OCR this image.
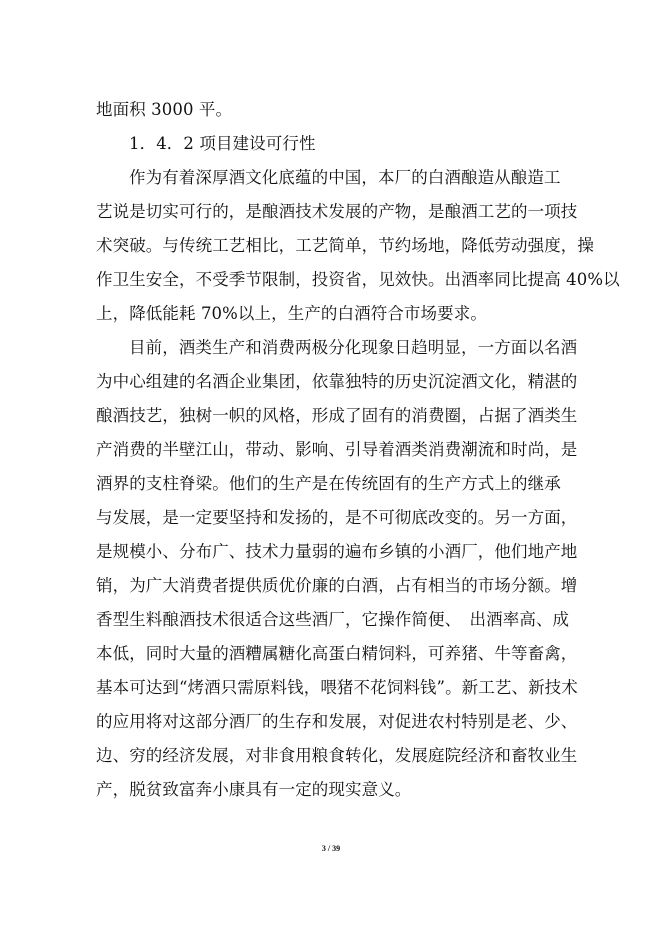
地面积 3000 平。
1．4．2 项目建设可行性
作为有着深厚酒文化底蕴的中国，本厂的白酒酿造从酿造工
艺说是切实可行的，是酿酒技术发展的产物，是酿酒工艺的一项技
术突破。与传统工艺相比，工艺简单，节约场地，降低劳动强度，操
作卫生安全，不受季节限制，投资省，见效快。出酒率同比提高 40%以
上，降低能耗 70%以上，生产的白酒符合市场要求。
目前，酒类生产和消费两极分化现象日趋明显，一方面以名酒
为中心组建的名酒企业集团，依靠独特的历史沉淀酒文化，精湛的
酿酒技艺，独树一帜的风格，形成了固有的消费圈，占据了酒类生
产消费的半壁江山，带动、影响、引导着酒类消费潮流和时尚，是
酒界的支柱脊梁。他们的生产是在传统固有的生产方式上的继承
与发展，是一定要坚持和发扬的，是不可彻底改变的。另一方面，
是规模小、分布广、技术力量弱的遍布乡镇的小酒厂，他们地产地
销，为广大消费者提供质优价廉的白酒，占有相当的市场分额。增
香型生料酿酒技术很适合这些酒厂，它操作简便、　出酒率高、成
本低，同时大量的酒糟属糖化高蛋白精饲料，可养猪、牛等畜禽，
基本可达到“烤酒只需原料钱，喂猪不花饲料钱”。新工艺、新技术
的应用将对这部分酒厂的生存和发展，对促进农村特别是老、少、
边、穷的经济发展，对非食用粮食转化，发展庭院经济和畜牧业生
产，脱贫致富奔小康具有一定的现实意义。
3 / 39
